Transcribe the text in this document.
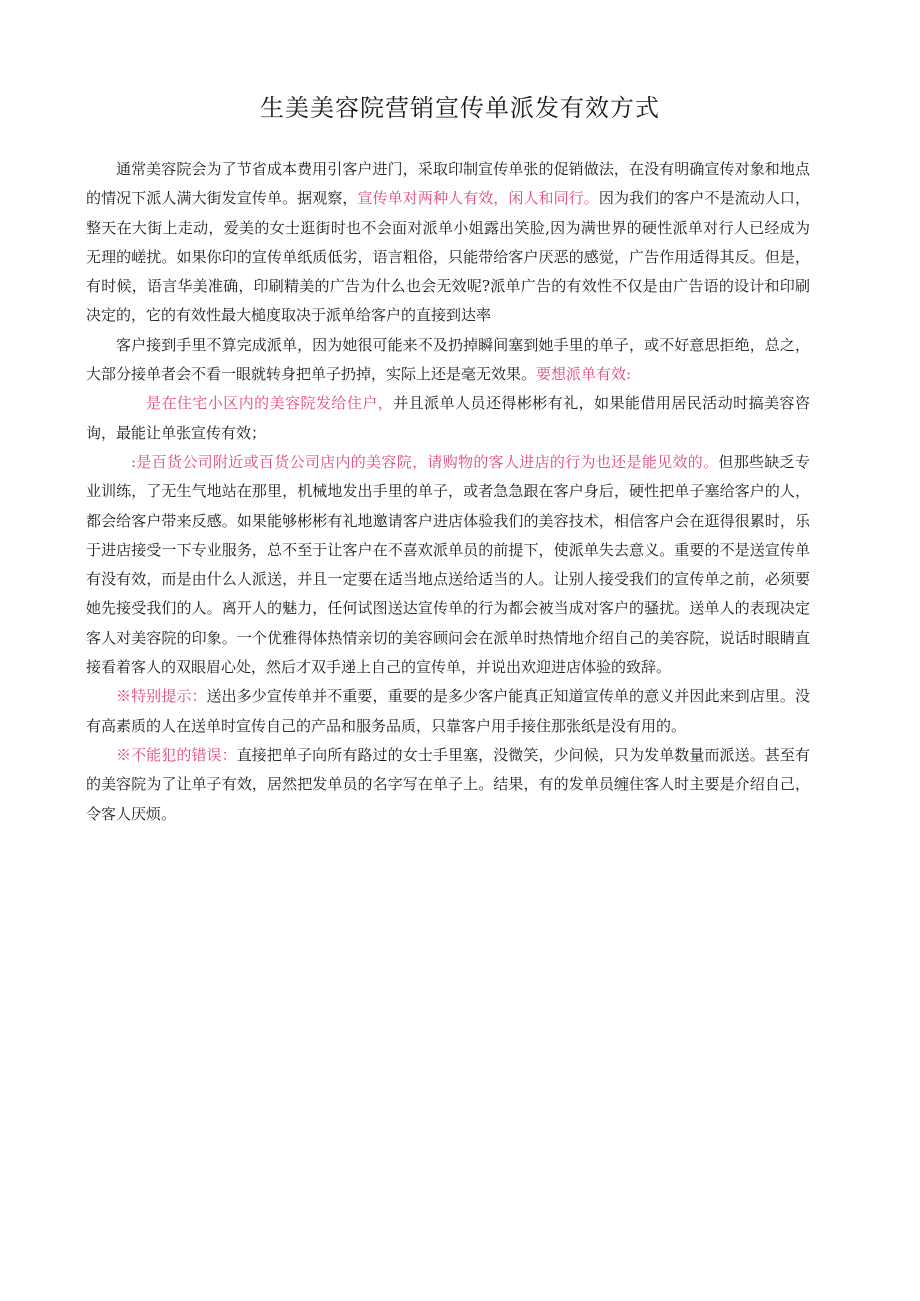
生美美容院营销宣传单派发有效方式

通常美容院会为了节省成本费用引客户进门，采取印制宣传单张的促销做法，在没有明确宣传对象和地点的情况下派人满大街发宣传单。据观察，宣传单对两种人有效，闲人和同行。因为我们的客户不是流动人口，整天在大街上走动，爱美的女士逛街时也不会面对派单小姐露出笑脸,因为满世界的硬性派单对行人已经成为无理的嵯扰。如果你印的宣传单纸质低劣，语言粗俗，只能带给客户厌恶的感觉，广告作用适得其反。但是，有时候，语言华美准确，印刷精美的广告为什么也会无效呢?派单广告的有效性不仅是由广告语的设计和印刷决定的，它的有效性最大槌度取决于派单给客户的直接到达率

客户接到手里不算完成派单，因为她很可能来不及扔掉瞬间塞到她手里的单子，或不好意思拒绝，总之，大部分接单者会不看一眼就转身把单子扔掉，实际上还是毫无效果。要想派单有效:

是在住宅小区内的美容院发给住户，并且派单人员还得彬彬有礼，如果能借用居民活动时搞美容咨询，最能让单张宣传有效；

:是百货公司附近或百货公司店内的美容院，请购物的客人进店的行为也还是能见效的。但那些缺乏专业训练，了无生气地站在那里，机械地发出手里的单子，或者急急跟在客户身后，硬性把单子塞给客户的人，都会给客户带来反感。如果能够彬彬有礼地邀请客户进店体验我们的美容技术，相信客户会在逛得很累时，乐于进店接受一下专业服务，总不至于让客户在不喜欢派单员的前提下，使派单失去意义。重要的不是送宣传单有没有效，而是由什么人派送，并且一定要在适当地点送给适当的人。让别人接受我们的宣传单之前，必须要她先接受我们的人。离开人的魅力，任何试图送达宣传单的行为都会被当成对客户的骚扰。送单人的表现决定客人对美容院的印象。一个优雅得体热情亲切的美容顾问会在派单时热情地介绍自己的美容院，说话时眼睛直接看着客人的双眼眉心处，然后才双手递上自己的宣传单，并说出欢迎进店体验的致辞。

※特别提示：送出多少宣传单并不重要，重要的是多少客户能真正知道宣传单的意义并因此来到店里。没有高素质的人在送单时宣传自己的产品和服务品质，只靠客户用手接住那张纸是没有用的。

※不能犯的错误：直接把单子向所有路过的女士手里塞，没微笑，少问候，只为发单数量而派送。甚至有的美容院为了让单子有效，居然把发单员的名字写在单子上。结果，有的发单员缠住客人时主要是介绍自己，令客人厌烦。
